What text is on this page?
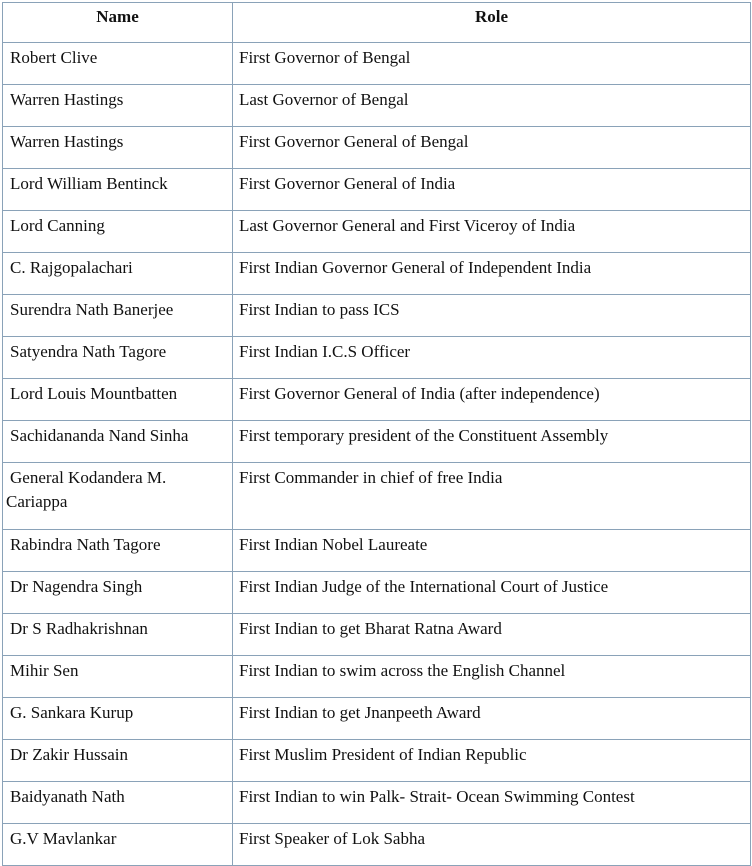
Name	Role
Robert Clive	First Governor of Bengal
Warren Hastings	Last Governor of Bengal
Warren Hastings	First Governor General of Bengal
Lord William Bentinck	First Governor General of India
Lord Canning	Last Governor General and First Viceroy of India
C. Rajgopalachari	First Indian Governor General of Independent India
Surendra Nath Banerjee	First Indian to pass ICS
Satyendra Nath Tagore	First Indian I.C.S Officer
Lord Louis Mountbatten	First Governor General of India (after independence)
Sachidananda Nand Sinha	First temporary president of the Constituent Assembly

General Kodandera M.
Cariappa	First Commander in chief of free India
Rabindra Nath Tagore	First Indian Nobel Laureate
Dr Nagendra Singh	First Indian Judge of the International Court of Justice
Dr S Radhakrishnan	First Indian to get Bharat Ratna Award
Mihir Sen	First Indian to swim across the English Channel
G. Sankara Kurup	First Indian to get Jnanpeeth Award
Dr Zakir Hussain	First Muslim President of Indian Republic
Baidyanath Nath	First Indian to win Palk- Strait- Ocean Swimming Contest
G.V Mavlankar	First Speaker of Lok Sabha
